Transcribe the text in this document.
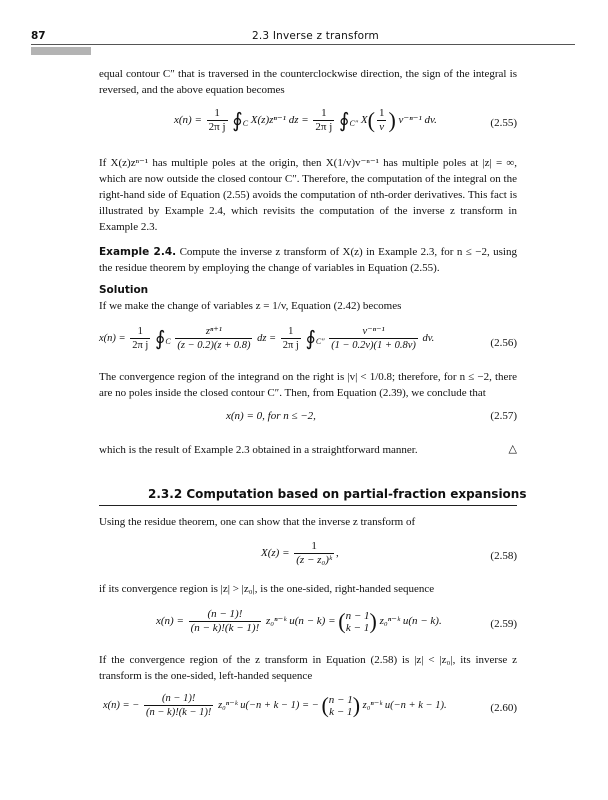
87	2.3 Inverse z transform
equal contour C″ that is traversed in the counterclockwise direction, the sign of the integral is reversed, and the above equation becomes
$x(n) = \frac{1}{\text{2π j}}$ $∮_C$ X(z)zⁿ⁻¹ dz = $\frac{1}{\text{2π j}}$ $∮_{C''}$ $X( \frac{1}{v}$ ) v⁻ⁿ⁻¹ dv.	(2.55)
If X(z)zⁿ⁻¹ has multiple poles at the origin, then X(1/v)v⁻ⁿ⁻¹ has multiple poles at |z| = ∞, which are now outside the closed contour C″. Therefore, the computation of the integral on the right-hand side of Equation (2.55) avoids the computation of nth-order derivatives. This fact is illustrated by Example 2.4, which revisits the computation of the inverse z transform in Example 2.3.
Example 2.4. Compute the inverse z transform of X(z) in Example 2.3, for n ≤ −2, using the residue theorem by employing the change of variables in Equation (2.55).
Solution
If we make the change of variables z = 1/v, Equation (2.42) becomes
$x(n) = \frac{1}{\text{2π j}}$ $∮_C \frac{\text{zⁿ⁺¹}}{(z - 0.2)(z + 0.8)}$ dz = $\frac{1}{\text{2π j}}$ $∮_{C''} \frac{\text{v⁻ⁿ⁻¹}}{(1 - 0.2v)(1 + 0.8v)}$ dv.	(2.56)
The convergence region of the integrand on the right is |v| < 1/0.8; therefore, for n ≤ −2, there are no poles inside the closed contour C″. Then, from Equation (2.39), we conclude that
x(n) = 0, for n ≤ −2,	(2.57)
which is the result of Example 2.3 obtained in a straightforward manner.	△
2.3.2 Computation based on partial-fraction expansions
Using the residue theorem, one can show that the inverse z transform of
$X(z) = \frac{1}{\text{(z − z₀)ᵏ}}$ ,	(2.58)
if its convergence region is |z| > |z₀|, is the one-sided, right-handed sequence
$x(n) = \frac{(n - 1)!}{(n - k)!(k - 1)!}$ z₀ⁿ⁻ᵏ u(n − k) = ( n − 1
k − 1 ) z₀ⁿ⁻ᵏ u(n − k).	(2.59)
If the convergence region of the z transform in Equation (2.58) is |z| < |z₀|, its inverse z transform is the one-sided, left-handed sequence
x(n) = − $\frac{(n - 1)!}{(n - k)!(k - 1)!}$ z₀ⁿ⁻ᵏ u(−n + k − 1) = − ( n − 1
k − 1 ) z₀ⁿ⁻ᵏ u(−n + k − 1).	(2.60)
